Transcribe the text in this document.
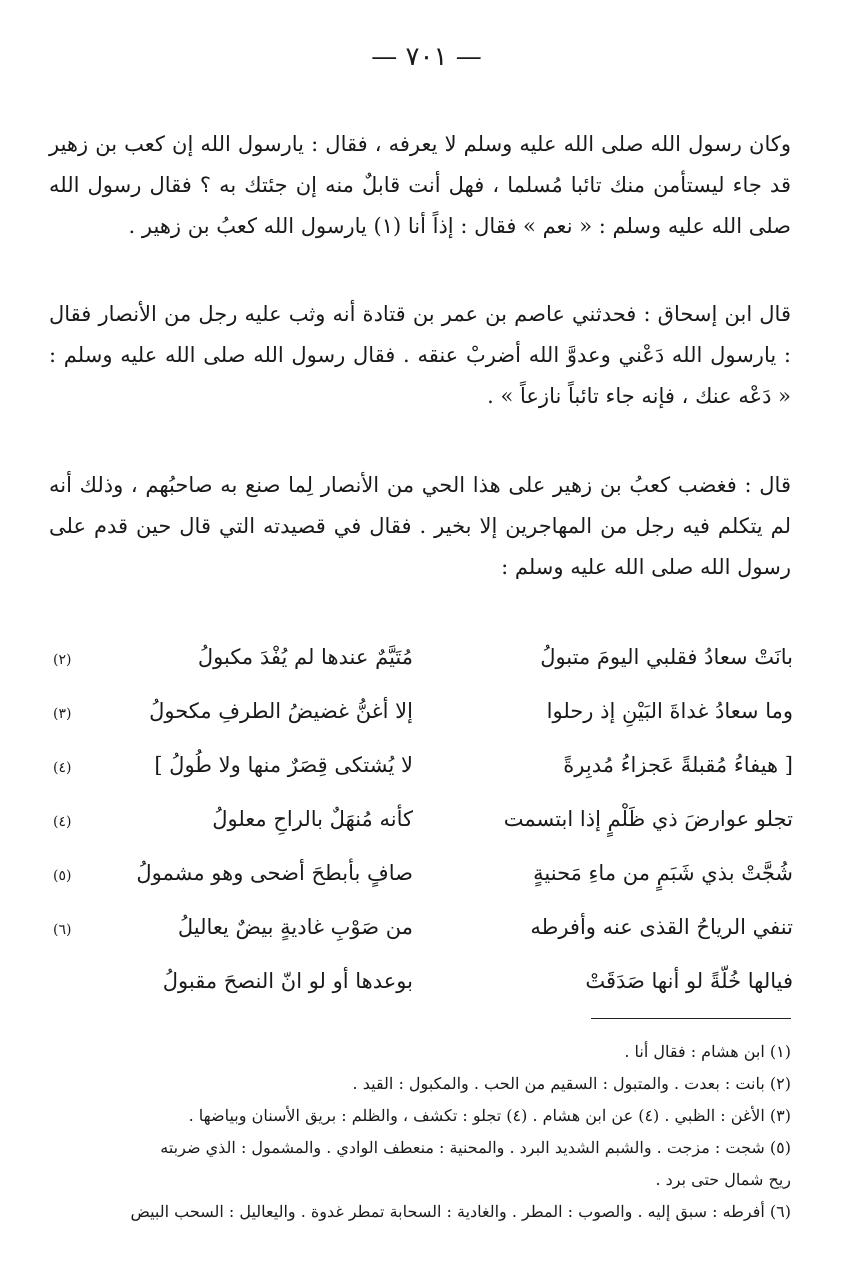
— ٧٠١ —

وكان رسول الله صلى الله عليه وسلم لا يعرفه ، فقال : يارسول الله إن كعب بن زهير قد جاء ليستأمن منك تائبا مُسلما ، فهل أنت قابلٌ منه إن جئتك به ؟ فقال رسول الله صلى الله عليه وسلم : « نعم » فقال : إذاً أنا (١) يارسول الله كعبُ بن زهير .

قال ابن إسحاق : فحدثني عاصم بن عمر بن قتادة أنه وثب عليه رجل من الأنصار فقال : يارسول الله دَعْني وعدوَّ الله أضربْ عنقه . فقال رسول الله صلى الله عليه وسلم : « دَعْه عنك ، فإنه جاء تائباً نازعاً » .

قال : فغضب كعبُ بن زهير على هذا الحي من الأنصار لِما صنع به صاحبُهم ، وذلك أنه لم يتكلم فيه رجل من المهاجرين إلا بخير . فقال في قصيدته التي قال حين قدم على رسول الله صلى الله عليه وسلم :

بانَتْ سعادُ فقلبي اليومَ متبولُ
مُتَيَّمٌ عندها لم يُفْدَ مكبولُ
(٢)
وما سعادُ غداةَ البَيْنِ إذ رحلوا
إلا أغنُّ غضيضُ الطرفِ مكحولُ
(٣)
[ هيفاءُ مُقبلةً عَجزاءُ مُدبِرةً
لا يُشتكى قِصَرٌ منها ولا طُولُ ]
(٤)
تجلو عوارضَ ذي ظَلْمٍ إذا ابتسمت
كأنه مُنهَلٌ بالراحِ معلولُ
(٤)
شُجَّتْ بذي شَبَمٍ من ماءِ مَحنيةٍ
صافٍ بأبطحَ أضحى وهو مشمولُ
(٥)
تنفي الرياحُ القذى عنه وأفرطه
من صَوْبِ غاديةٍ بيضٌ يعاليلُ
(٦)
فيالها خُلّةً لو أنها صَدَقَتْ
بوعدها أو لو انّ النصحَ مقبولُ
(١) ابن هشام : فقال أنا .
(٢) بانت : بعدت . والمتبول : السقيم من الحب . والمكبول : القيد .
(٣) الأغن : الظبي . (٤) عن ابن هشام . (٤) تجلو : تكشف ، والظلم : بريق الأسنان وبياضها .
(٥) شجت : مزجت . والشبم الشديد البرد . والمحنية : منعطف الوادي . والمشمول : الذي ضربته
ريح شمال حتى برد .
(٦) أفرطه : سبق إليه . والصوب : المطر . والغادية : السحابة تمطر غدوة . واليعاليل : السحب البيض
